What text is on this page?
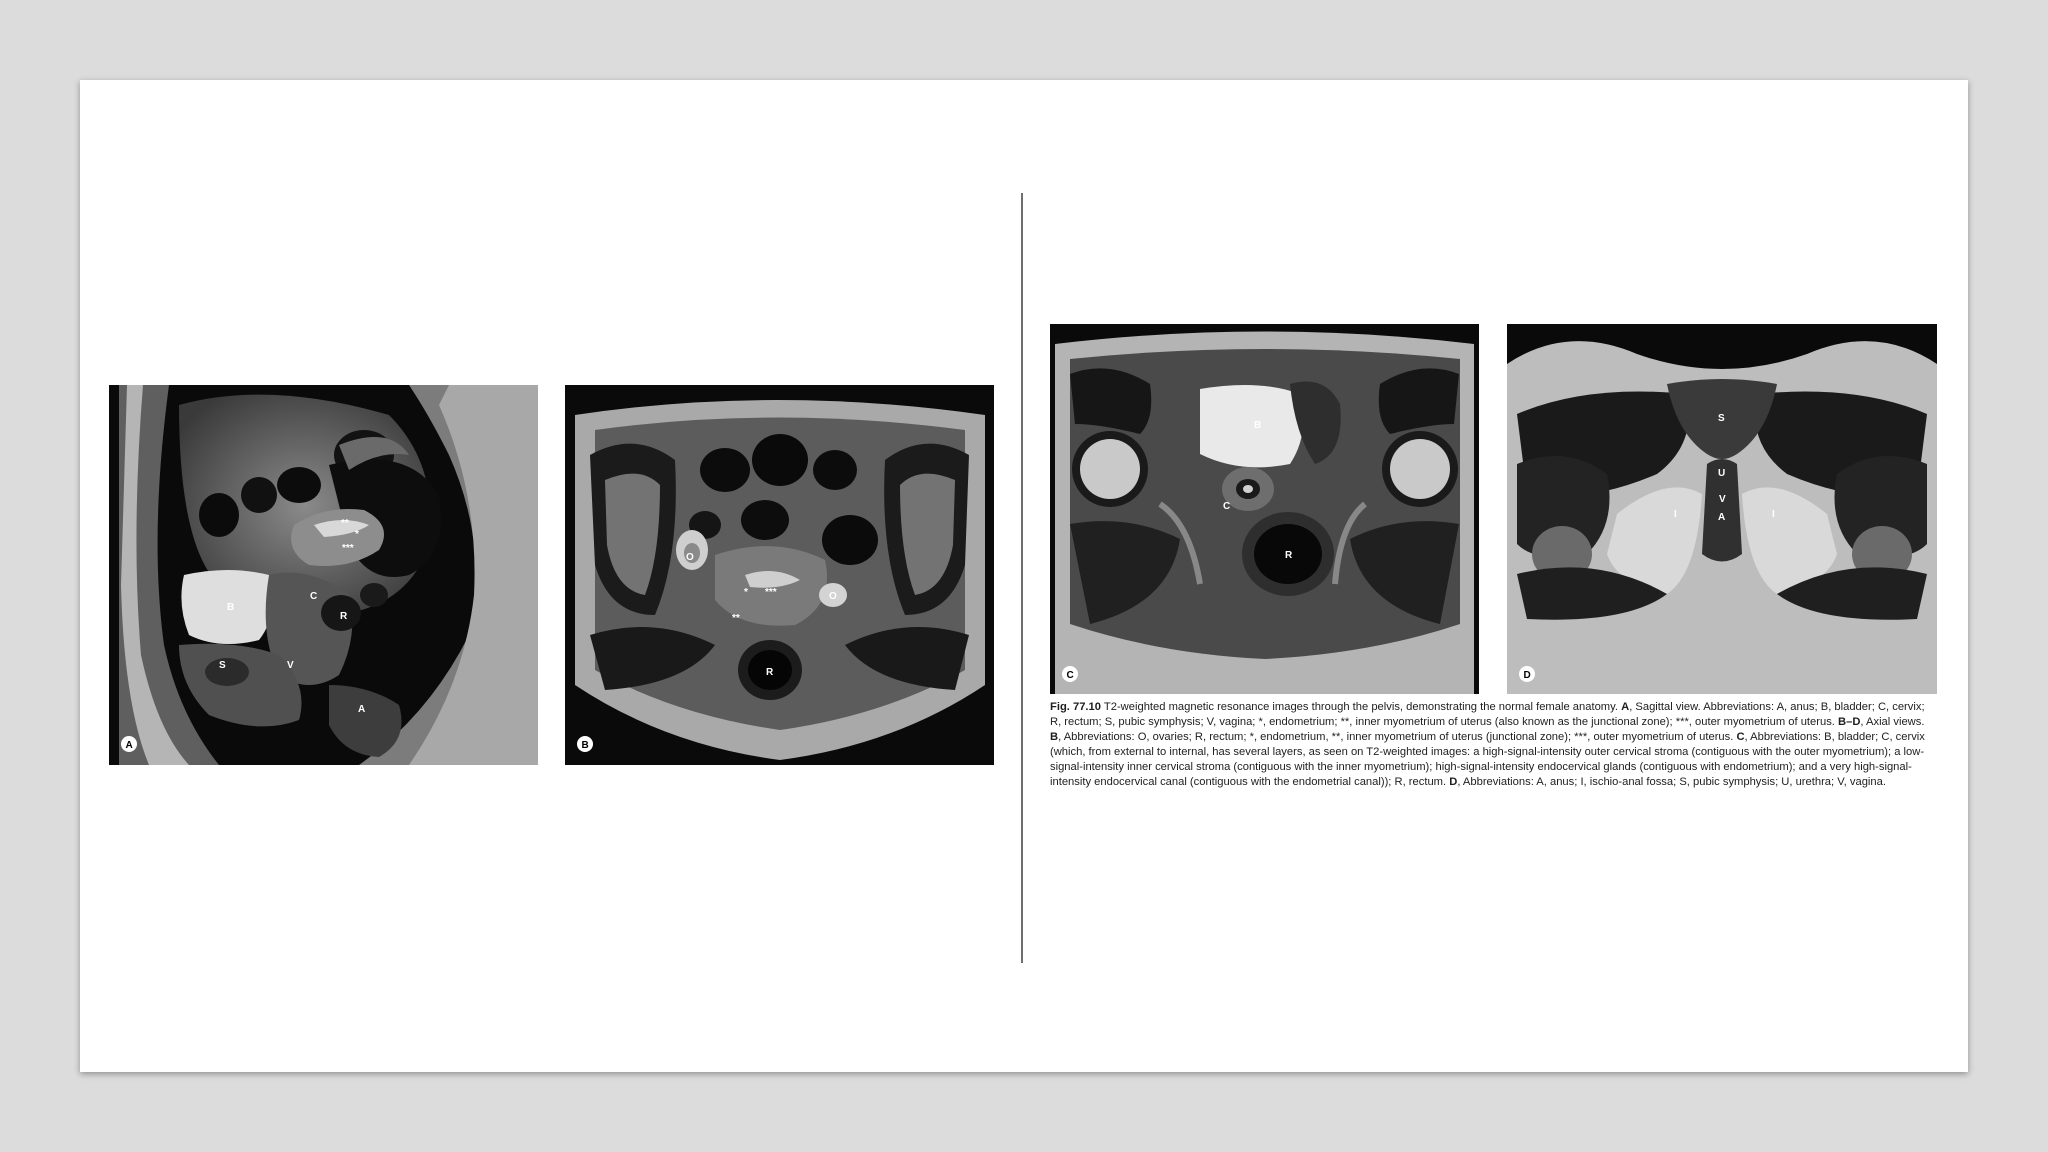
**
*
***
B
C
R
S	V
A
A
* ***
**
O
O
R
B
B
C
R
C
S
U
V
A
I	I
D

Fig. 77.10 T2-weighted magnetic resonance images through the pelvis, demonstrating the normal female anatomy. A, Sagittal view. Abbreviations: A, anus; B, bladder; C, cervix; R, rectum; S, pubic symphysis; V, vagina; *, endometrium; **, inner myometrium of uterus (also known as the junctional zone); ***, outer myometrium of uterus. B–D, Axial views. B, Abbreviations: O, ovaries; R, rectum; *, endometrium, **, inner myometrium of uterus (junctional zone); ***, outer myometrium of uterus. C, Abbreviations: B, bladder; C, cervix (which, from external to internal, has several layers, as seen on T2-weighted images: a high-signal-intensity outer cervical stroma (contiguous with the outer myometrium); a low-signal-intensity inner cervical stroma (contiguous with the inner myometrium); high-signal-intensity endocervical glands (contiguous with endometrium); and a very high-signal-intensity endocervical canal (contiguous with the endometrial canal)); R, rectum. D, Abbreviations: A, anus; I, ischio-anal fossa; S, pubic symphysis; U, urethra; V, vagina.
